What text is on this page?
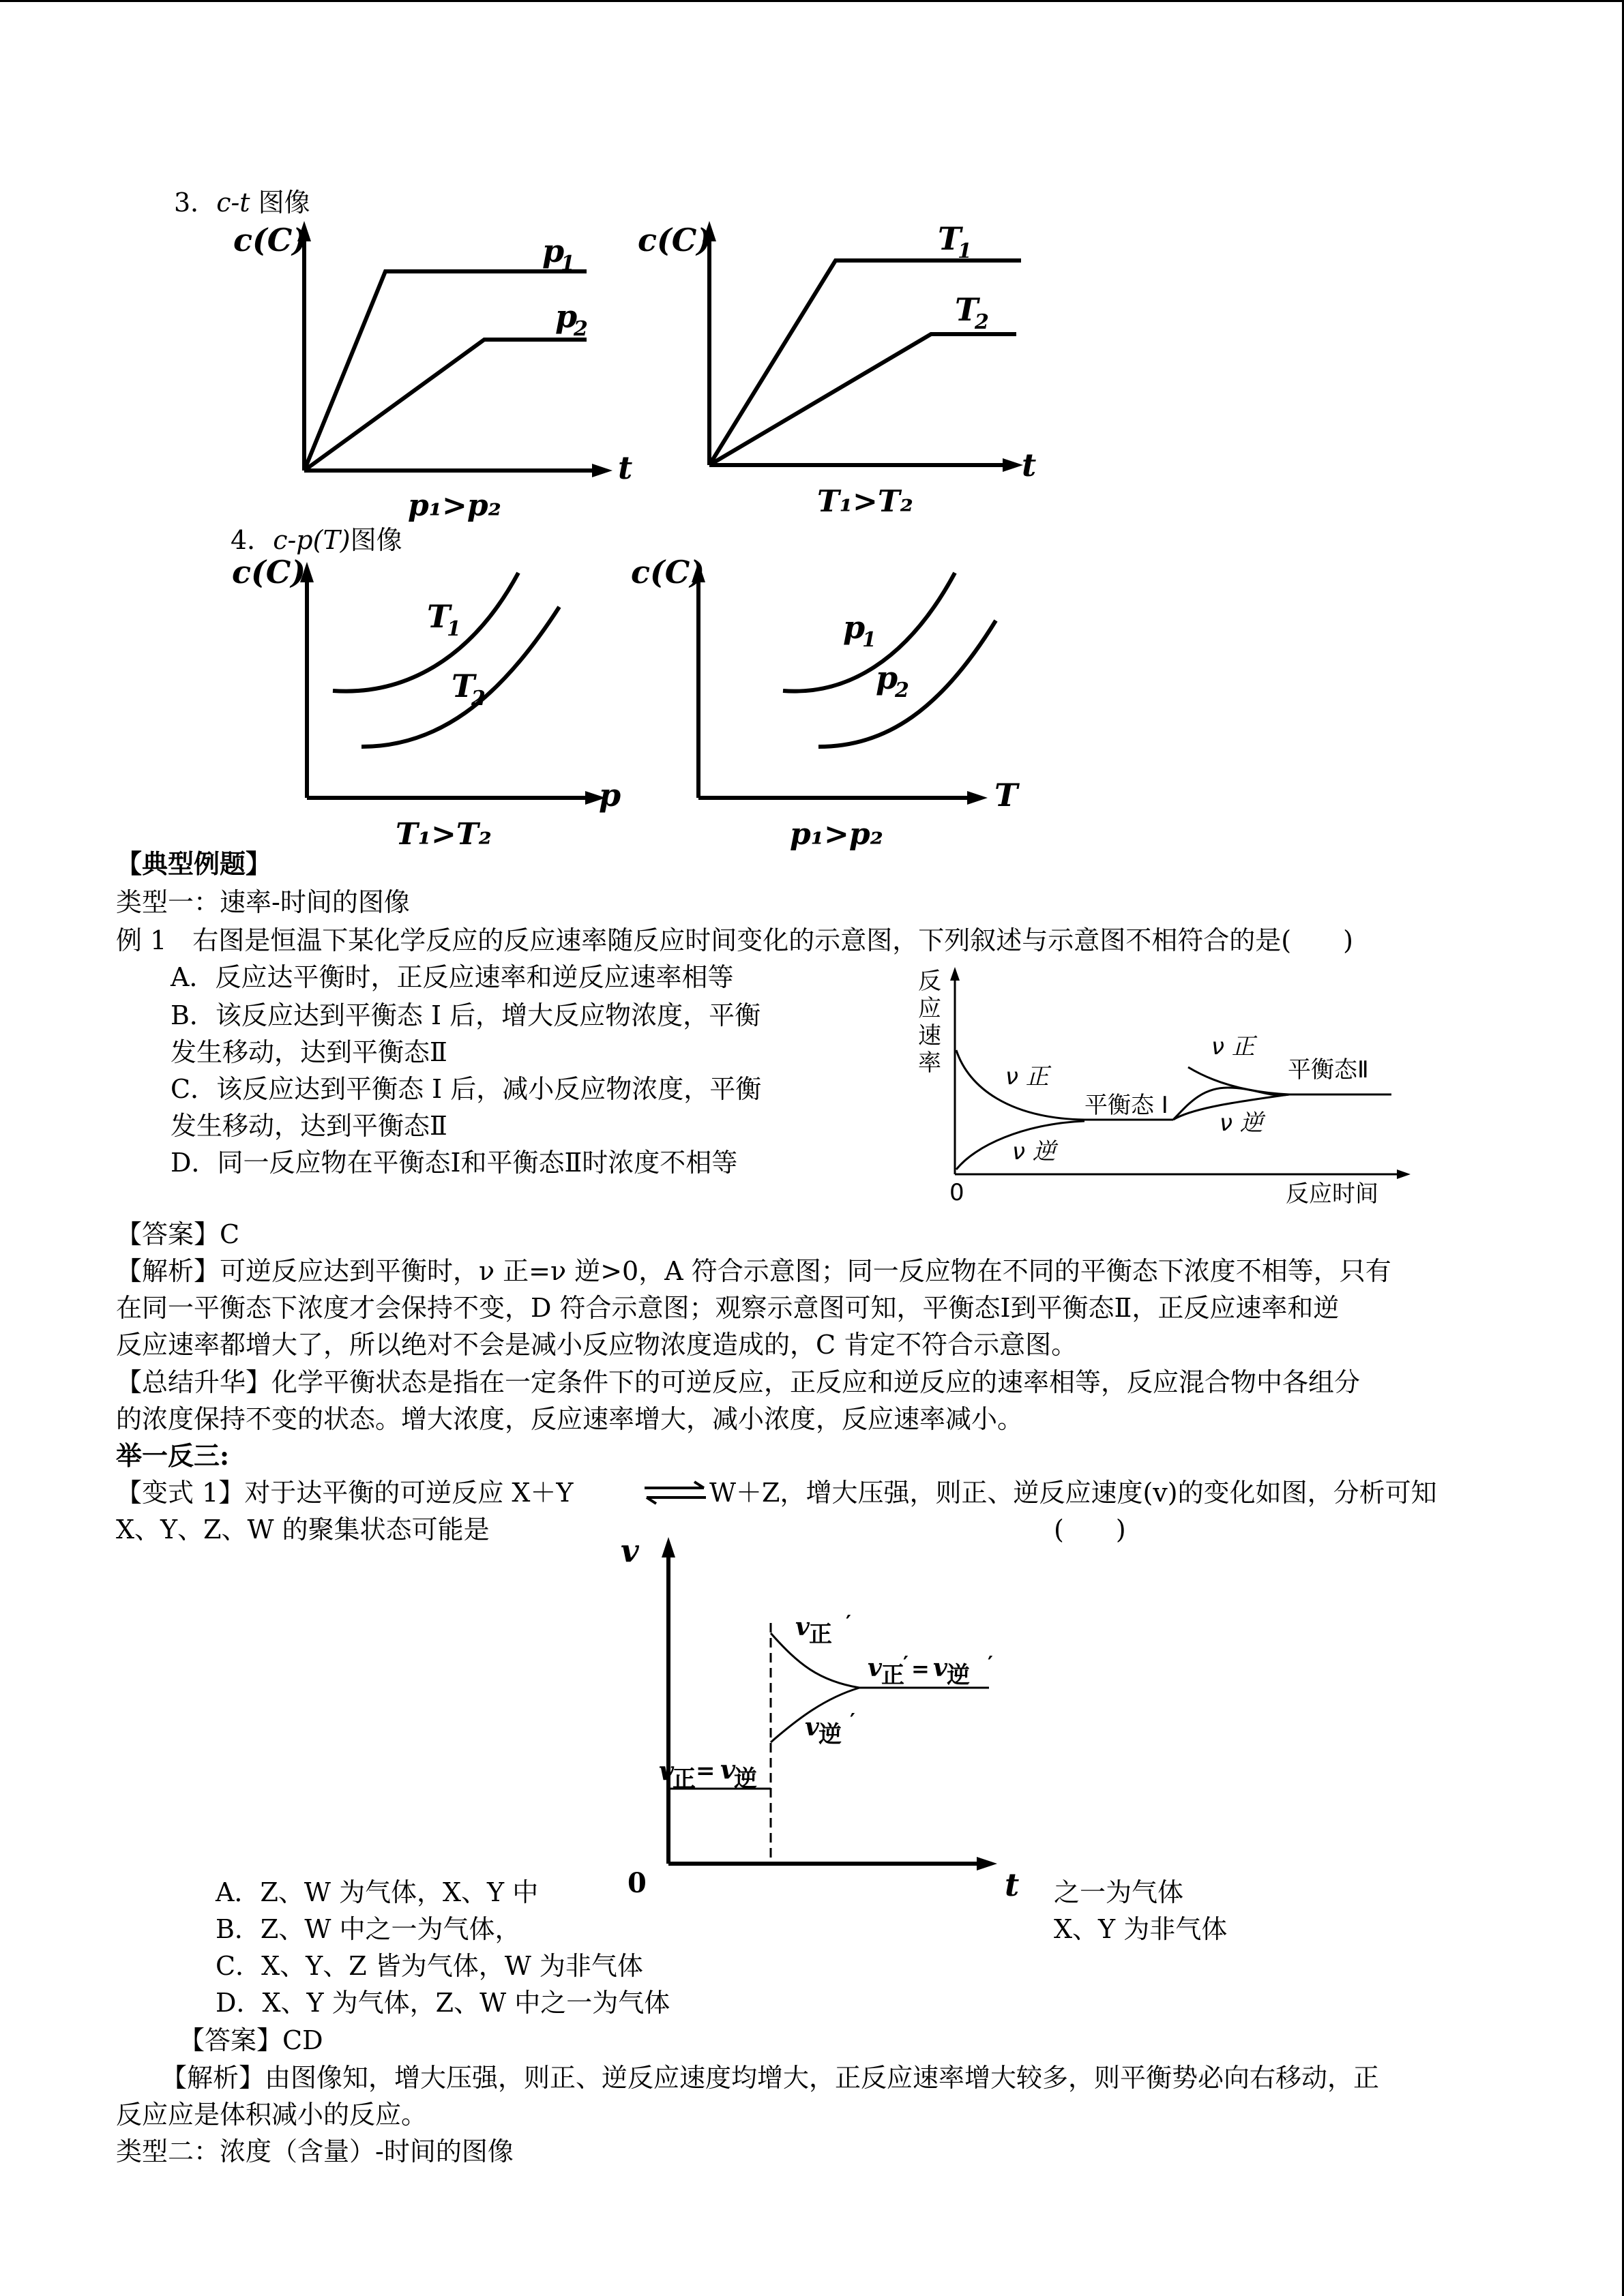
3．c-t 图像
c(C)
t
p
1
p
2
p₁>p₂
c(C)
t
T
1
T
2
T₁>T₂
4．c-p(T)图像
c(C)
p
T
1
T
2
T₁>T₂
c(C)
T
p
1
p
2
p₁>p₂
【典型例题】
类型一：速率-时间的图像
例 1　右图是恒温下某化学反应的反应速率随反应时间变化的示意图，下列叙述与示意图不相符合的是(　　)
A．反应达平衡时，正反应速率和逆反应速率相等
B．该反应达到平衡态 I 后，增大反应物浓度，平衡
发生移动，达到平衡态Ⅱ
C．该反应达到平衡态 I 后，减小反应物浓度，平衡
发生移动，达到平衡态Ⅱ
D．同一反应物在平衡态Ⅰ和平衡态Ⅱ时浓度不相等
反
应
速
率
0	反应时间
ν 正
ν 逆
平衡态 I
ν 正
ν 逆
平衡态Ⅱ
【答案】C
【解析】可逆反应达到平衡时，ν 正=ν 逆>0，A 符合示意图；同一反应物在不同的平衡态下浓度不相等，只有
在同一平衡态下浓度才会保持不变，D 符合示意图；观察示意图可知，平衡态Ⅰ到平衡态Ⅱ，正反应速率和逆
反应速率都增大了，所以绝对不会是减小反应物浓度造成的，C 肯定不符合示意图。
【总结升华】化学平衡状态是指在一定条件下的可逆反应，正反应和逆反应的速率相等，反应混合物中各组分
的浓度保持不变的状态。增大浓度，反应速率增大，减小浓度，反应速率减小。
举一反三:
【变式 1】对于达平衡的可逆反应 X＋Y	W＋Z，增大压强，则正、逆反应速度(v)的变化如图，分析可知
X、Y、Z、W 的聚集状态可能是	(　　)
v
t
0
v
正 = v
逆
v 正 ′
v 逆 ′
v 正
′ = v 逆 ′
A．Z、W 为气体，X、Y 中	之一为气体
B．Z、W 中之一为气体，	X、Y 为非气体
C．X、Y、Z 皆为气体，W 为非气体
D．X、Y 为气体，Z、W 中之一为气体
【答案】CD
【解析】由图像知，增大压强，则正、逆反应速度均增大，正反应速率增大较多，则平衡势必向右移动，正
反应应是体积减小的反应。
类型二：浓度（含量）-时间的图像
